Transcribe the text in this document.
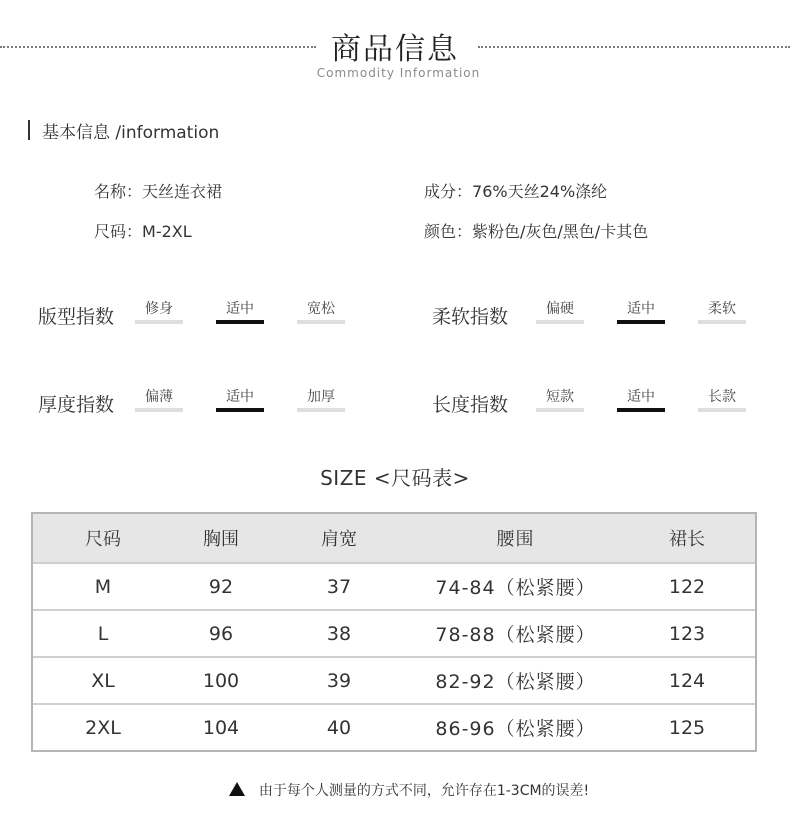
商品信息
Commodity Information
基本信息 /information
名称：天丝连衣裙
尺码：M-2XL
成分：76%天丝24%涤纶
颜色：紫粉色/灰色/黑色/卡其色
版型指数	修身	适中	宽松	柔软指数	偏硬	适中	柔软
厚度指数	偏薄	适中	加厚	长度指数	短款	适中	长款
SIZE <尺码表>
尺码	胸围	肩宽	腰围	裙长
M	92	37	74-84（松紧腰）	122
L	96	38	78-88（松紧腰）	123
XL	100	39	82-92（松紧腰）	124
2XL	104	40	86-96（松紧腰）	125
由于每个人测量的方式不同，允许存在1-3CM的误差!
